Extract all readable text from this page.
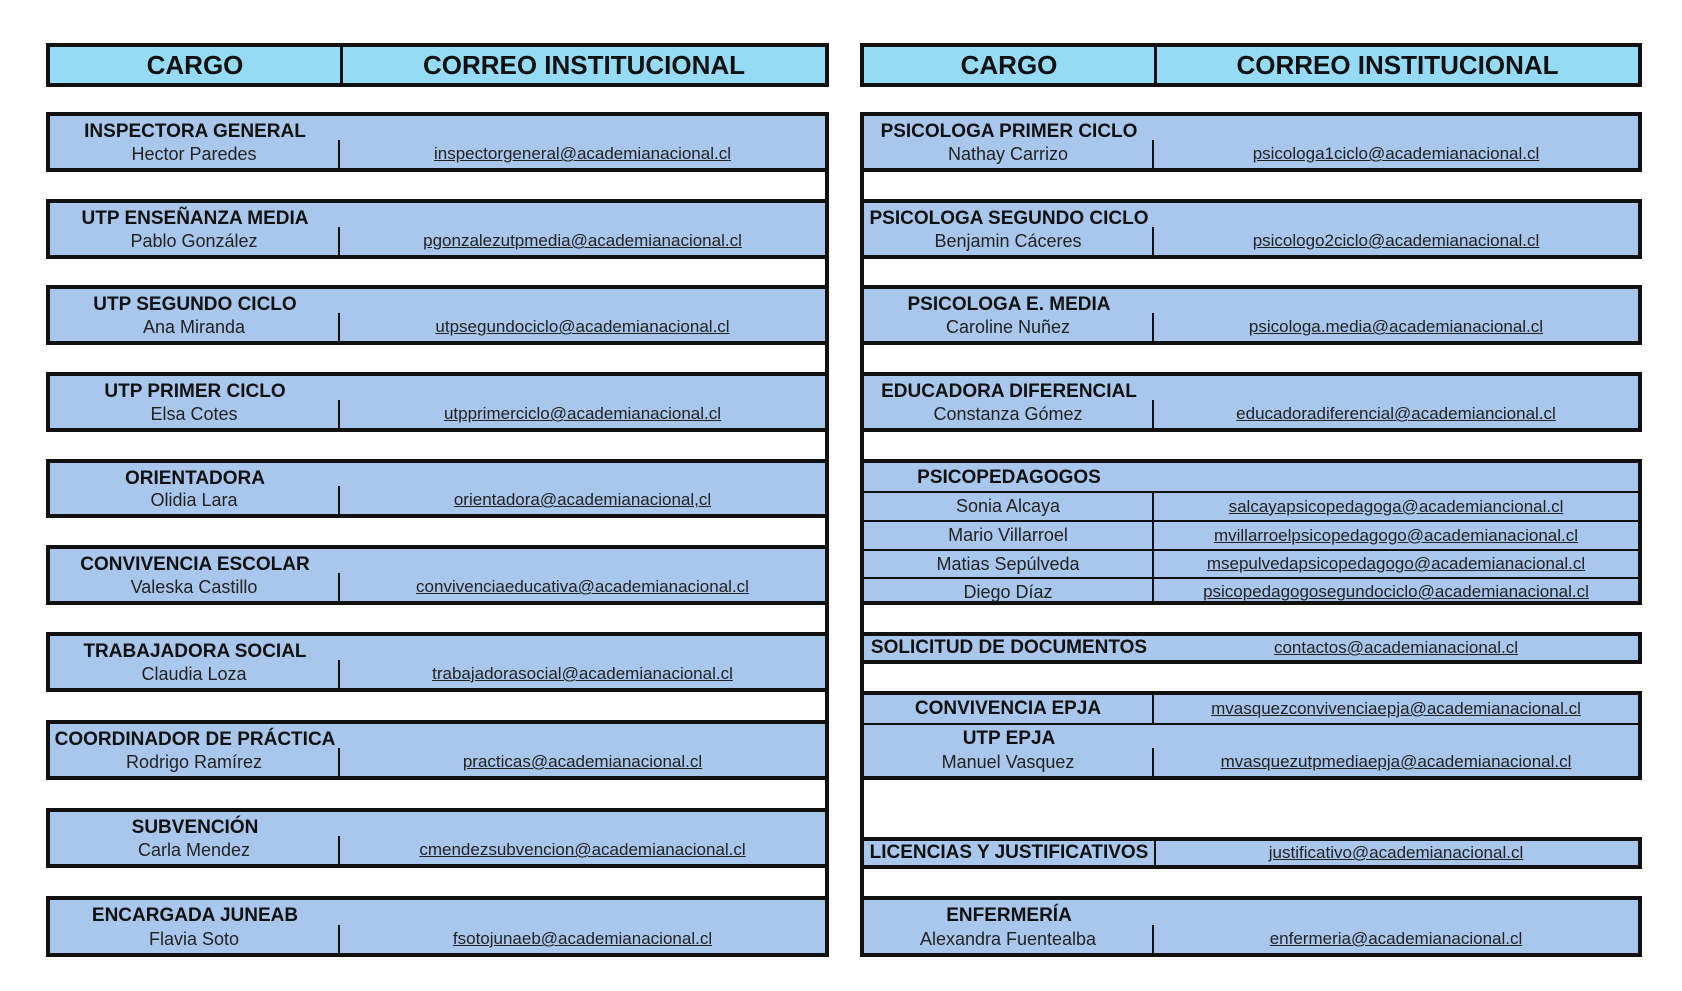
CARGO	CORREO INSTITUCIONAL	CARGO	CORREO INSTITUCIONAL
INSPECTORA GENERAL
Hector Paredes	inspectorgeneral@academianacional.cl
UTP ENSEÑANZA MEDIA
Pablo González	pgonzalezutpmedia@academianacional.cl
UTP SEGUNDO CICLO
Ana Miranda	utpsegundociclo@academianacional.cl
UTP PRIMER CICLO
Elsa Cotes	utpprimerciclo@academianacional.cl
ORIENTADORA
Olidia Lara	orientadora@academianacional,cl
CONVIVENCIA ESCOLAR
Valeska Castillo	convivenciaeducativa@academianacional.cl
TRABAJADORA SOCIAL
Claudia Loza	trabajadorasocial@academianacional.cl
COORDINADOR DE PRÁCTICA
Rodrigo Ramírez	practicas@academianacional.cl
SUBVENCIÓN
Carla Mendez	cmendezsubvencion@academianacional.cl
ENCARGADA JUNEAB
Flavia Soto	fsotojunaeb@academianacional.cl
PSICOLOGA PRIMER CICLO
Nathay Carrizo	psicologa1ciclo@academianacional.cl
PSICOLOGA SEGUNDO CICLO
Benjamin Cáceres	psicologo2ciclo@academianacional.cl
PSICOLOGA E. MEDIA
Caroline Nuñez	psicologa.media@academianacional.cl
EDUCADORA DIFERENCIAL
Constanza Gómez	educadoradiferencial@academiancional.cl
PSICOPEDAGOGOS
Sonia Alcaya	salcayapsicopedagoga@academiancional.cl
Mario Villarroel	mvillarroelpsicopedagogo@academianacional.cl
Matias Sepúlveda	msepulvedapsicopedagogo@academianacional.cl
Diego Díaz	psicopedagogosegundociclo@academianacional.cl
SOLICITUD DE DOCUMENTOS	contactos@academianacional.cl
CONVIVENCIA EPJA	mvasquezconvivenciaepja@academianacional.cl
UTP EPJA
Manuel Vasquez	mvasquezutpmediaepja@academianacional.cl
LICENCIAS Y JUSTIFICATIVOS	justificativo@academianacional.cl
ENFERMERÍA
Alexandra Fuentealba	enfermeria@academianacional.cl
